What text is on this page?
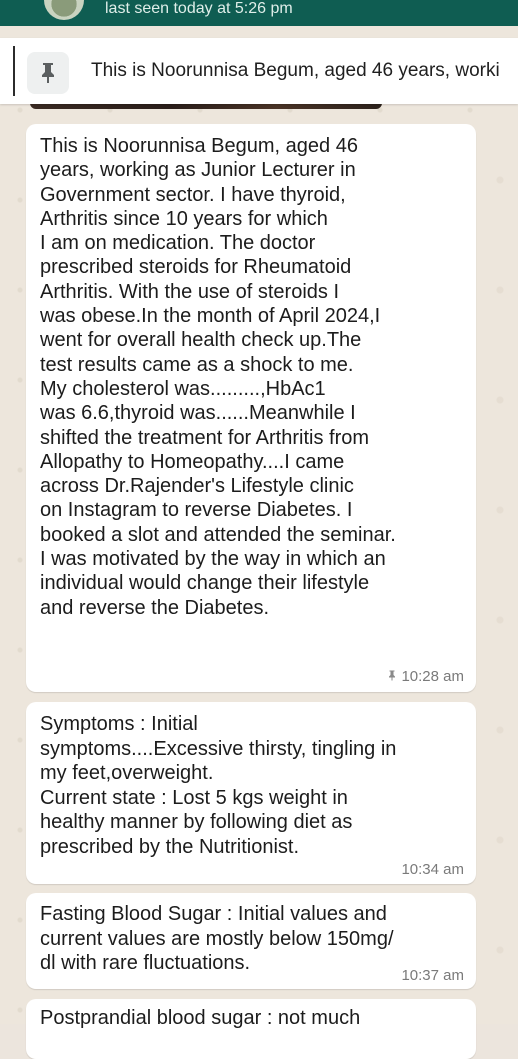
last seen today at 5:26 pm
This is Noorunnisa Begum, aged 46 years, worki
This is Noorunnisa Begum, aged 46
years, working as Junior Lecturer in
Government sector. I have thyroid,
Arthritis since 10 years for which
I am on medication. The doctor
prescribed steroids for Rheumatoid
Arthritis. With the use of steroids I
was obese.In the month of April 2024,I
went for overall health check up.The
test results came as a shock to me.
My cholesterol was.........,HbAc1
was 6.6,thyroid was......Meanwhile I
shifted the treatment for Arthritis from
Allopathy to Homeopathy....I came
across Dr.Rajender's Lifestyle clinic
on Instagram to reverse Diabetes. I
booked a slot and attended the seminar.
I was motivated by the way in which an
individual would change their lifestyle
and reverse the Diabetes.
10:28 am
Symptoms : Initial
symptoms....Excessive thirsty, tingling in
my feet,overweight.
Current state : Lost 5 kgs weight in
healthy manner by following diet as
prescribed by the Nutritionist.
10:34 am
Fasting Blood Sugar : Initial values and
current values are mostly below 150mg/
dl with rare fluctuations.
10:37 am
Postprandial blood sugar : not much
